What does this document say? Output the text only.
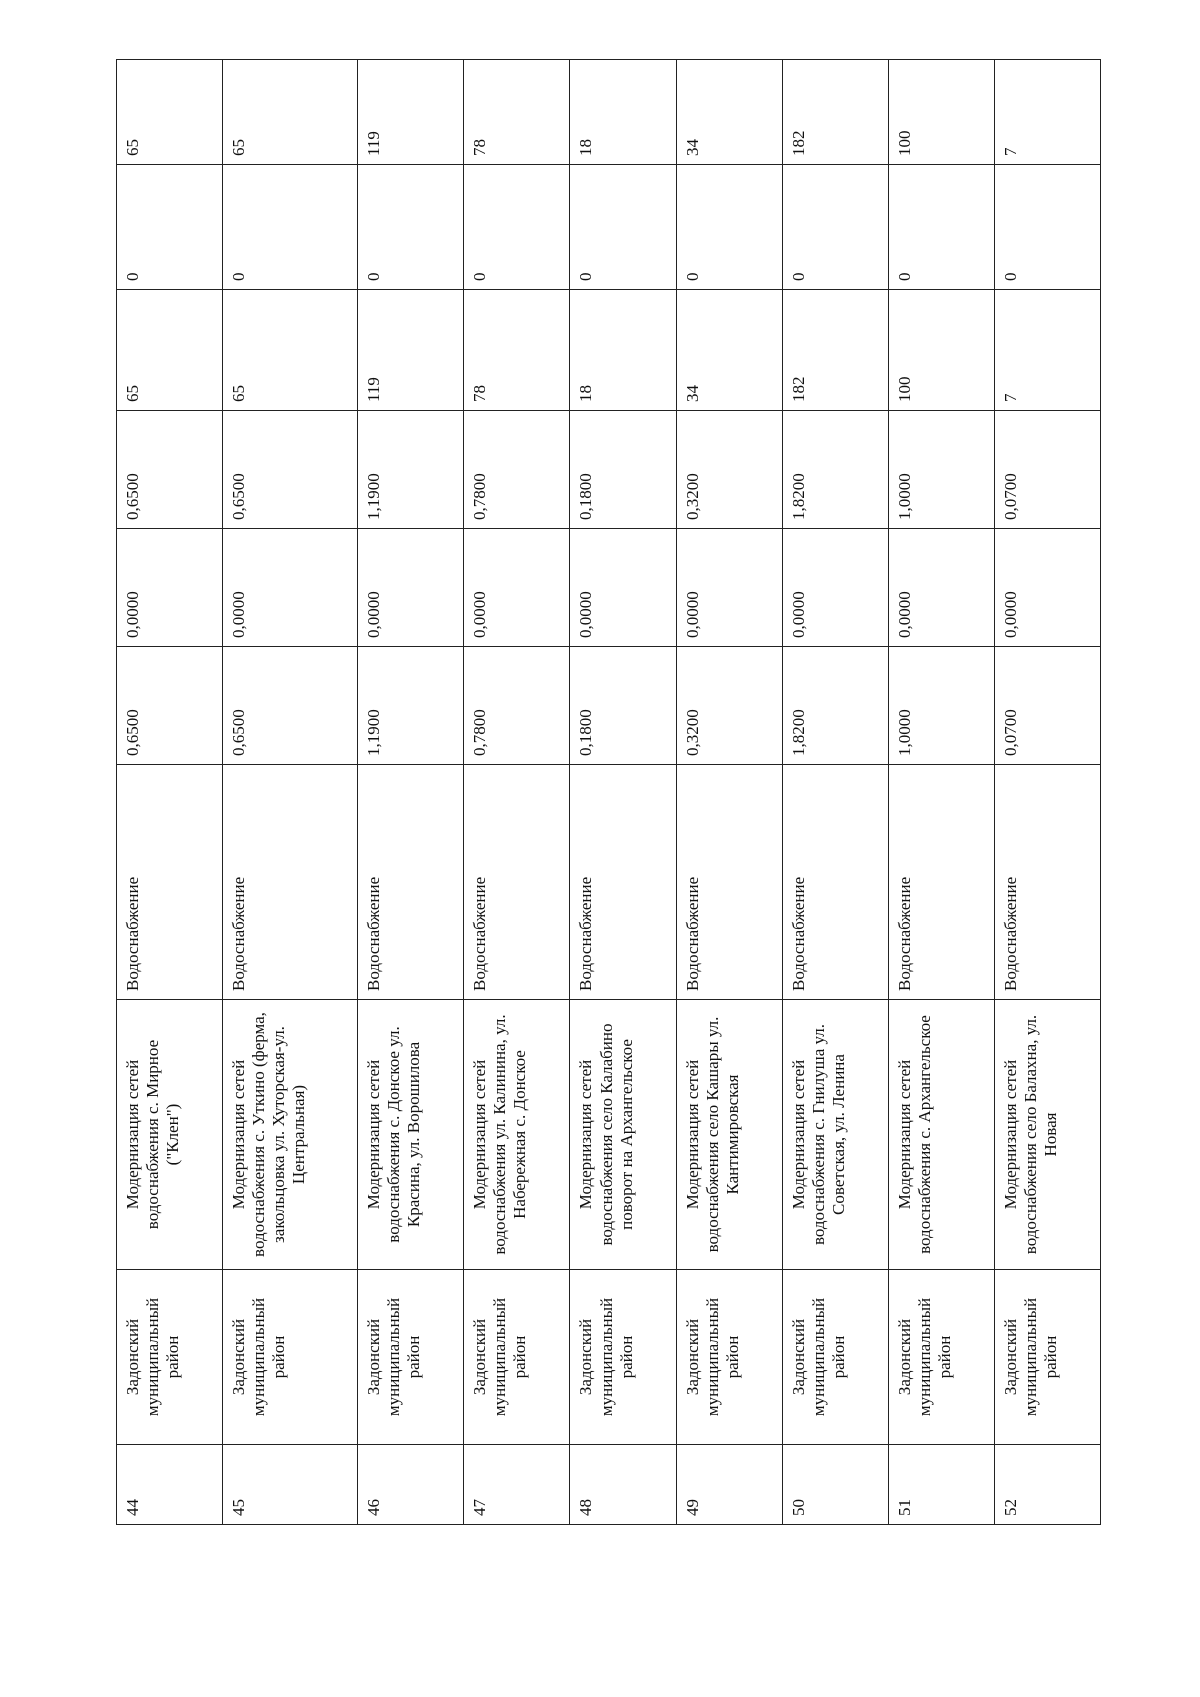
44	Задонский муниципальный район	Модернизация сетей водоснабжения с. Мирное ("Клен")	Водоснабжение	0,6500	0,0000	0,6500	65	0	65
45	Задонский муниципальный район	Модернизация сетей водоснабжения с. Уткино (ферма, закольцовка ул. Хуторская-ул. Центральная)	Водоснабжение	0,6500	0,0000	0,6500	65	0	65
46	Задонский муниципальный район	Модернизация сетей водоснабжения с. Донское ул. Красина, ул. Ворошилова	Водоснабжение	1,1900	0,0000	1,1900	119	0	119
47	Задонский муниципальный район	Модернизация сетей водоснабжения ул. Калинина, ул. Набережная с. Донское	Водоснабжение	0,7800	0,0000	0,7800	78	0	78
48	Задонский муниципальный район	Модернизация сетей водоснабжения село Калабино поворот на Архангельское	Водоснабжение	0,1800	0,0000	0,1800	18	0	18
49	Задонский муниципальный район	Модернизация сетей водоснабжения село Кашары ул. Кантимировская	Водоснабжение	0,3200	0,0000	0,3200	34	0	34
50	Задонский муниципальный район	Модернизация сетей водоснабжения с. Гнилуша ул. Советская, ул. Ленина	Водоснабжение	1,8200	0,0000	1,8200	182	0	182
51	Задонский муниципальный район	Модернизация сетей водоснабжения с. Архангельское	Водоснабжение	1,0000	0,0000	1,0000	100	0	100
52	Задонский муниципальный район	Модернизация сетей водоснабжения село Балахна, ул. Новая	Водоснабжение	0,0700	0,0000	0,0700	7	0	7
